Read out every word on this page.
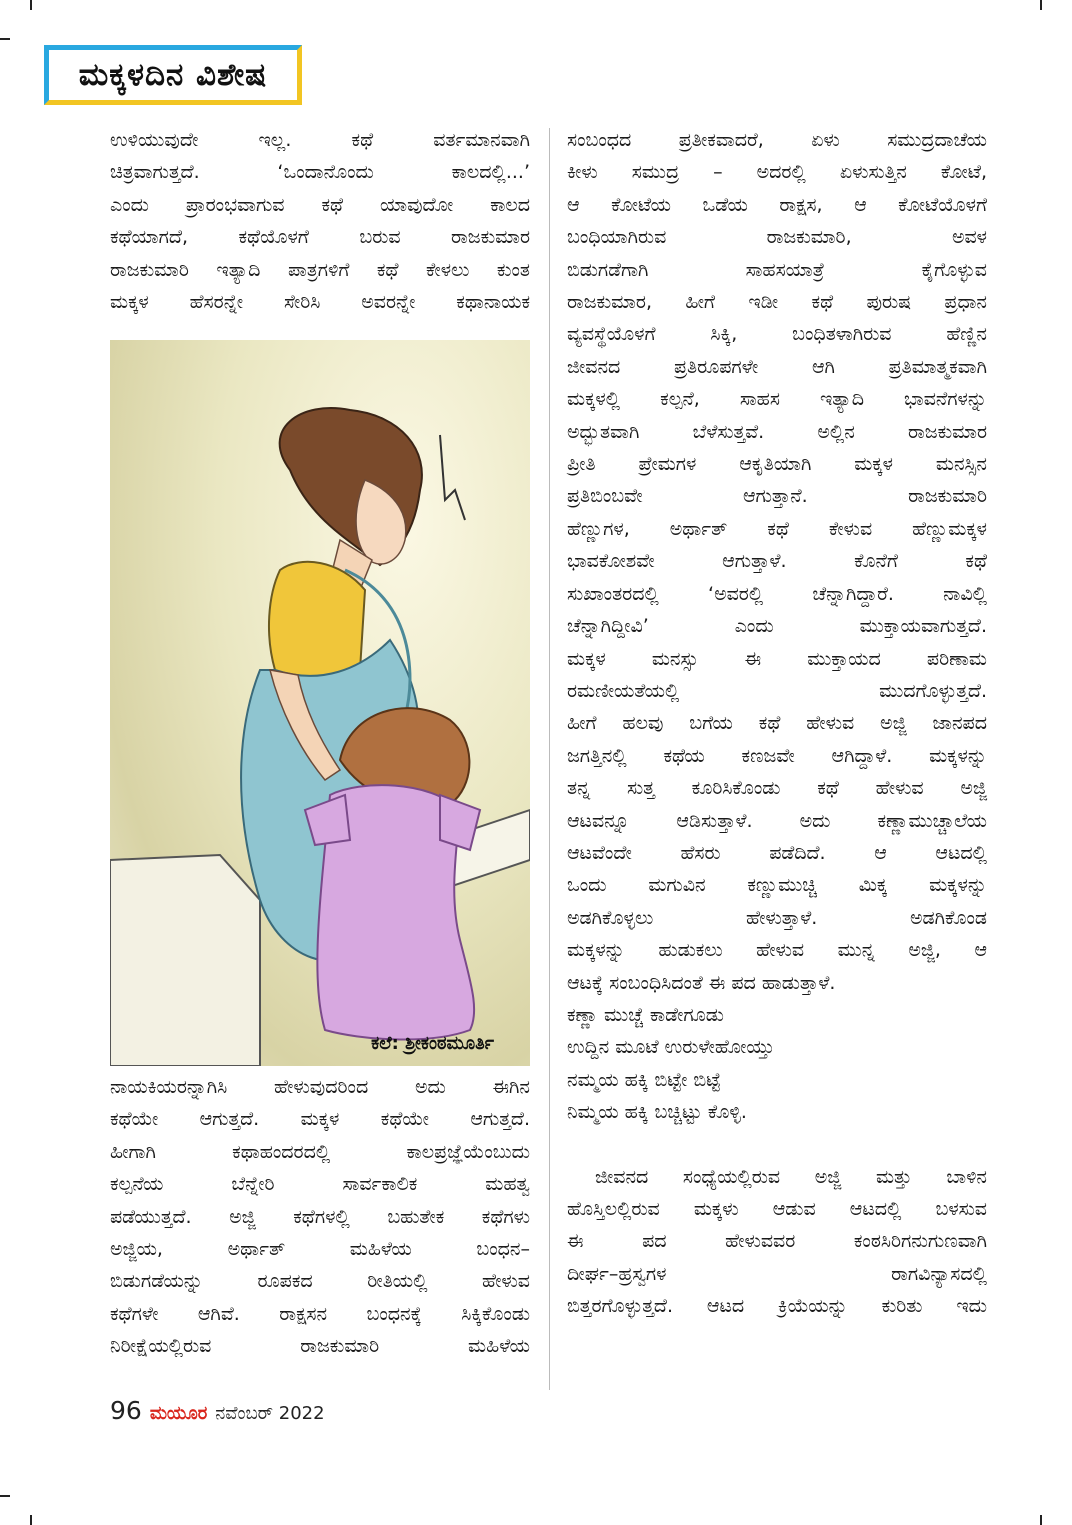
ಮಕ್ಕಳದಿನ ವಿಶೇಷ

ಉಳಿಯುವುದೇ ಇಲ್ಲ. ಕಥೆ ವರ್ತಮಾನವಾಗಿ

ಚಿತ್ರವಾಗುತ್ತದೆ. ‘ಒಂದಾನೊಂದು ಕಾಲದಲ್ಲಿ...’

ಎಂದು ಪ್ರಾರಂಭವಾಗುವ ಕಥೆ ಯಾವುದೋ ಕಾಲದ

ಕಥೆಯಾಗದೆ, ಕಥೆಯೊಳಗೆ ಬರುವ ರಾಜಕುಮಾರ

ರಾಜಕುಮಾರಿ ಇತ್ಯಾದಿ ಪಾತ್ರಗಳಿಗೆ ಕಥೆ ಕೇಳಲು ಕುಂತ

ಮಕ್ಕಳ ಹೆಸರನ್ನೇ ಸೇರಿಸಿ ಅವರನ್ನೇ ಕಥಾನಾಯಕ

ಕಲೆ: ಶ್ರೀಕಂಠಮೂರ್ತಿ

ನಾಯಕಿಯರನ್ನಾಗಿಸಿ ಹೇಳುವುದರಿಂದ ಅದು ಈಗಿನ

ಕಥೆಯೇ ಆಗುತ್ತದೆ. ಮಕ್ಕಳ ಕಥೆಯೇ ಆಗುತ್ತದೆ.

ಹೀಗಾಗಿ ಕಥಾಹಂದರದಲ್ಲಿ ಕಾಲಪ್ರಜ್ಞೆಯೆಂಬುದು

ಕಲ್ಪನೆಯ ಬೆನ್ನೇರಿ ಸಾರ್ವಕಾಲಿಕ ಮಹತ್ವ

ಪಡೆಯುತ್ತದೆ. ಅಜ್ಜಿ ಕಥೆಗಳಲ್ಲಿ ಬಹುತೇಕ ಕಥೆಗಳು

ಅಜ್ಜಿಯ, ಅರ್ಥಾತ್ ಮಹಿಳೆಯ ಬಂಧನ–

ಬಿಡುಗಡೆಯನ್ನು ರೂಪಕದ ರೀತಿಯಲ್ಲಿ ಹೇಳುವ

ಕಥೆಗಳೇ ಆಗಿವೆ. ರಾಕ್ಷಸನ ಬಂಧನಕ್ಕೆ ಸಿಕ್ಕಿಕೊಂಡು

ನಿರೀಕ್ಷೆಯಲ್ಲಿರುವ ರಾಜಕುಮಾರಿ ಮಹಿಳೆಯ

ಸಂಬಂಧದ ಪ್ರತೀಕವಾದರೆ, ಏಳು ಸಮುದ್ರದಾಚೆಯ

ಕೀಳು ಸಮುದ್ರ – ಅದರಲ್ಲಿ ಏಳುಸುತ್ತಿನ ಕೋಟೆ,

ಆ ಕೋಟೆಯ ಒಡೆಯ ರಾಕ್ಷಸ, ಆ ಕೋಟೆಯೊಳಗೆ

ಬಂಧಿಯಾಗಿರುವ ರಾಜಕುಮಾರಿ, ಅವಳ

ಬಿಡುಗಡೆಗಾಗಿ ಸಾಹಸಯಾತ್ರೆ ಕೈಗೊಳ್ಳುವ

ರಾಜಕುಮಾರ, ಹೀಗೆ ಇಡೀ ಕಥೆ ಪುರುಷ ಪ್ರಧಾನ

ವ್ಯವಸ್ಥೆಯೊಳಗೆ ಸಿಕ್ಕಿ, ಬಂಧಿತಳಾಗಿರುವ ಹೆಣ್ಣಿನ

ಜೀವನದ ಪ್ರತಿರೂಪಗಳೇ ಆಗಿ ಪ್ರತಿಮಾತ್ಮಕವಾಗಿ

ಮಕ್ಕಳಲ್ಲಿ ಕಲ್ಪನೆ, ಸಾಹಸ ಇತ್ಯಾದಿ ಭಾವನೆಗಳನ್ನು

ಅದ್ಭುತವಾಗಿ ಬೆಳೆಸುತ್ತವೆ. ಅಲ್ಲಿನ ರಾಜಕುಮಾರ

ಪ್ರೀತಿ ಪ್ರೇಮಗಳ ಆಕೃತಿಯಾಗಿ ಮಕ್ಕಳ ಮನಸ್ಸಿನ

ಪ್ರತಿಬಿಂಬವೇ ಆಗುತ್ತಾನೆ. ರಾಜಕುಮಾರಿ

ಹೆಣ್ಣುಗಳ, ಅರ್ಥಾತ್ ಕಥೆ ಕೇಳುವ ಹೆಣ್ಣುಮಕ್ಕಳ

ಭಾವಕೋಶವೇ ಆಗುತ್ತಾಳೆ. ಕೊನೆಗೆ ಕಥೆ

ಸುಖಾಂತರದಲ್ಲಿ ‘ಅವರಲ್ಲಿ ಚೆನ್ನಾಗಿದ್ದಾರೆ. ನಾವಿಲ್ಲಿ

ಚೆನ್ನಾಗಿದ್ದೀವಿ’ ಎಂದು ಮುಕ್ತಾಯವಾಗುತ್ತದೆ.

ಮಕ್ಕಳ ಮನಸ್ಸು ಈ ಮುಕ್ತಾಯದ ಪರಿಣಾಮ

ರಮಣೀಯತೆಯಲ್ಲಿ ಮುದಗೊಳ್ಳುತ್ತದೆ.

ಹೀಗೆ ಹಲವು ಬಗೆಯ ಕಥೆ ಹೇಳುವ ಅಜ್ಜಿ ಜಾನಪದ

ಜಗತ್ತಿನಲ್ಲಿ ಕಥೆಯ ಕಣಜವೇ ಆಗಿದ್ದಾಳೆ. ಮಕ್ಕಳನ್ನು

ತನ್ನ ಸುತ್ತ ಕೂರಿಸಿಕೊಂಡು ಕಥೆ ಹೇಳುವ ಅಜ್ಜಿ

ಆಟವನ್ನೂ ಆಡಿಸುತ್ತಾಳೆ. ಅದು ಕಣ್ಣಾಮುಚ್ಚಾಲೆಯ

ಆಟವೆಂದೇ ಹೆಸರು ಪಡೆದಿದೆ. ಆ ಆಟದಲ್ಲಿ

ಒಂದು ಮಗುವಿನ ಕಣ್ಣುಮುಚ್ಚಿ ಮಿಕ್ಕ ಮಕ್ಕಳನ್ನು

ಅಡಗಿಕೊಳ್ಳಲು ಹೇಳುತ್ತಾಳೆ. ಅಡಗಿಕೊಂಡ

ಮಕ್ಕಳನ್ನು ಹುಡುಕಲು ಹೇಳುವ ಮುನ್ನ ಅಜ್ಜಿ, ಆ

ಆಟಕ್ಕೆ ಸಂಬಂಧಿಸಿದಂತೆ ಈ ಪದ ಹಾಡುತ್ತಾಳೆ.

ಕಣ್ಣಾ ಮುಚ್ಚೆ ಕಾಡೇಗೂಡು

ಉದ್ದಿನ ಮೂಟೆ ಉರುಳೇಹೋಯ್ತು

ನಮ್ಮಯ ಹಕ್ಕಿ ಬಿಟ್ಟೇ ಬಿಟ್ಟೆ

ನಿಮ್ಮಯ ಹಕ್ಕಿ ಬಚ್ಚಿಟ್ಟು ಕೊಳ್ಳಿ.

ಜೀವನದ ಸಂಧ್ಯೆಯಲ್ಲಿರುವ ಅಜ್ಜಿ ಮತ್ತು ಬಾಳಿನ

ಹೊಸ್ತಿಲಲ್ಲಿರುವ ಮಕ್ಕಳು ಆಡುವ ಆಟದಲ್ಲಿ ಬಳಸುವ

ಈ ಪದ ಹೇಳುವವರ ಕಂಠಸಿರಿಗನುಗುಣವಾಗಿ

ದೀರ್ಘ–ಹ್ರಸ್ವಗಳ ರಾಗವಿನ್ಯಾಸದಲ್ಲಿ

ಬಿತ್ತರಗೊಳ್ಳುತ್ತದೆ. ಆಟದ ಕ್ರಿಯೆಯನ್ನು ಕುರಿತು ಇದು

96 ಮಯೂರ ನವೆಂಬರ್ 2022
